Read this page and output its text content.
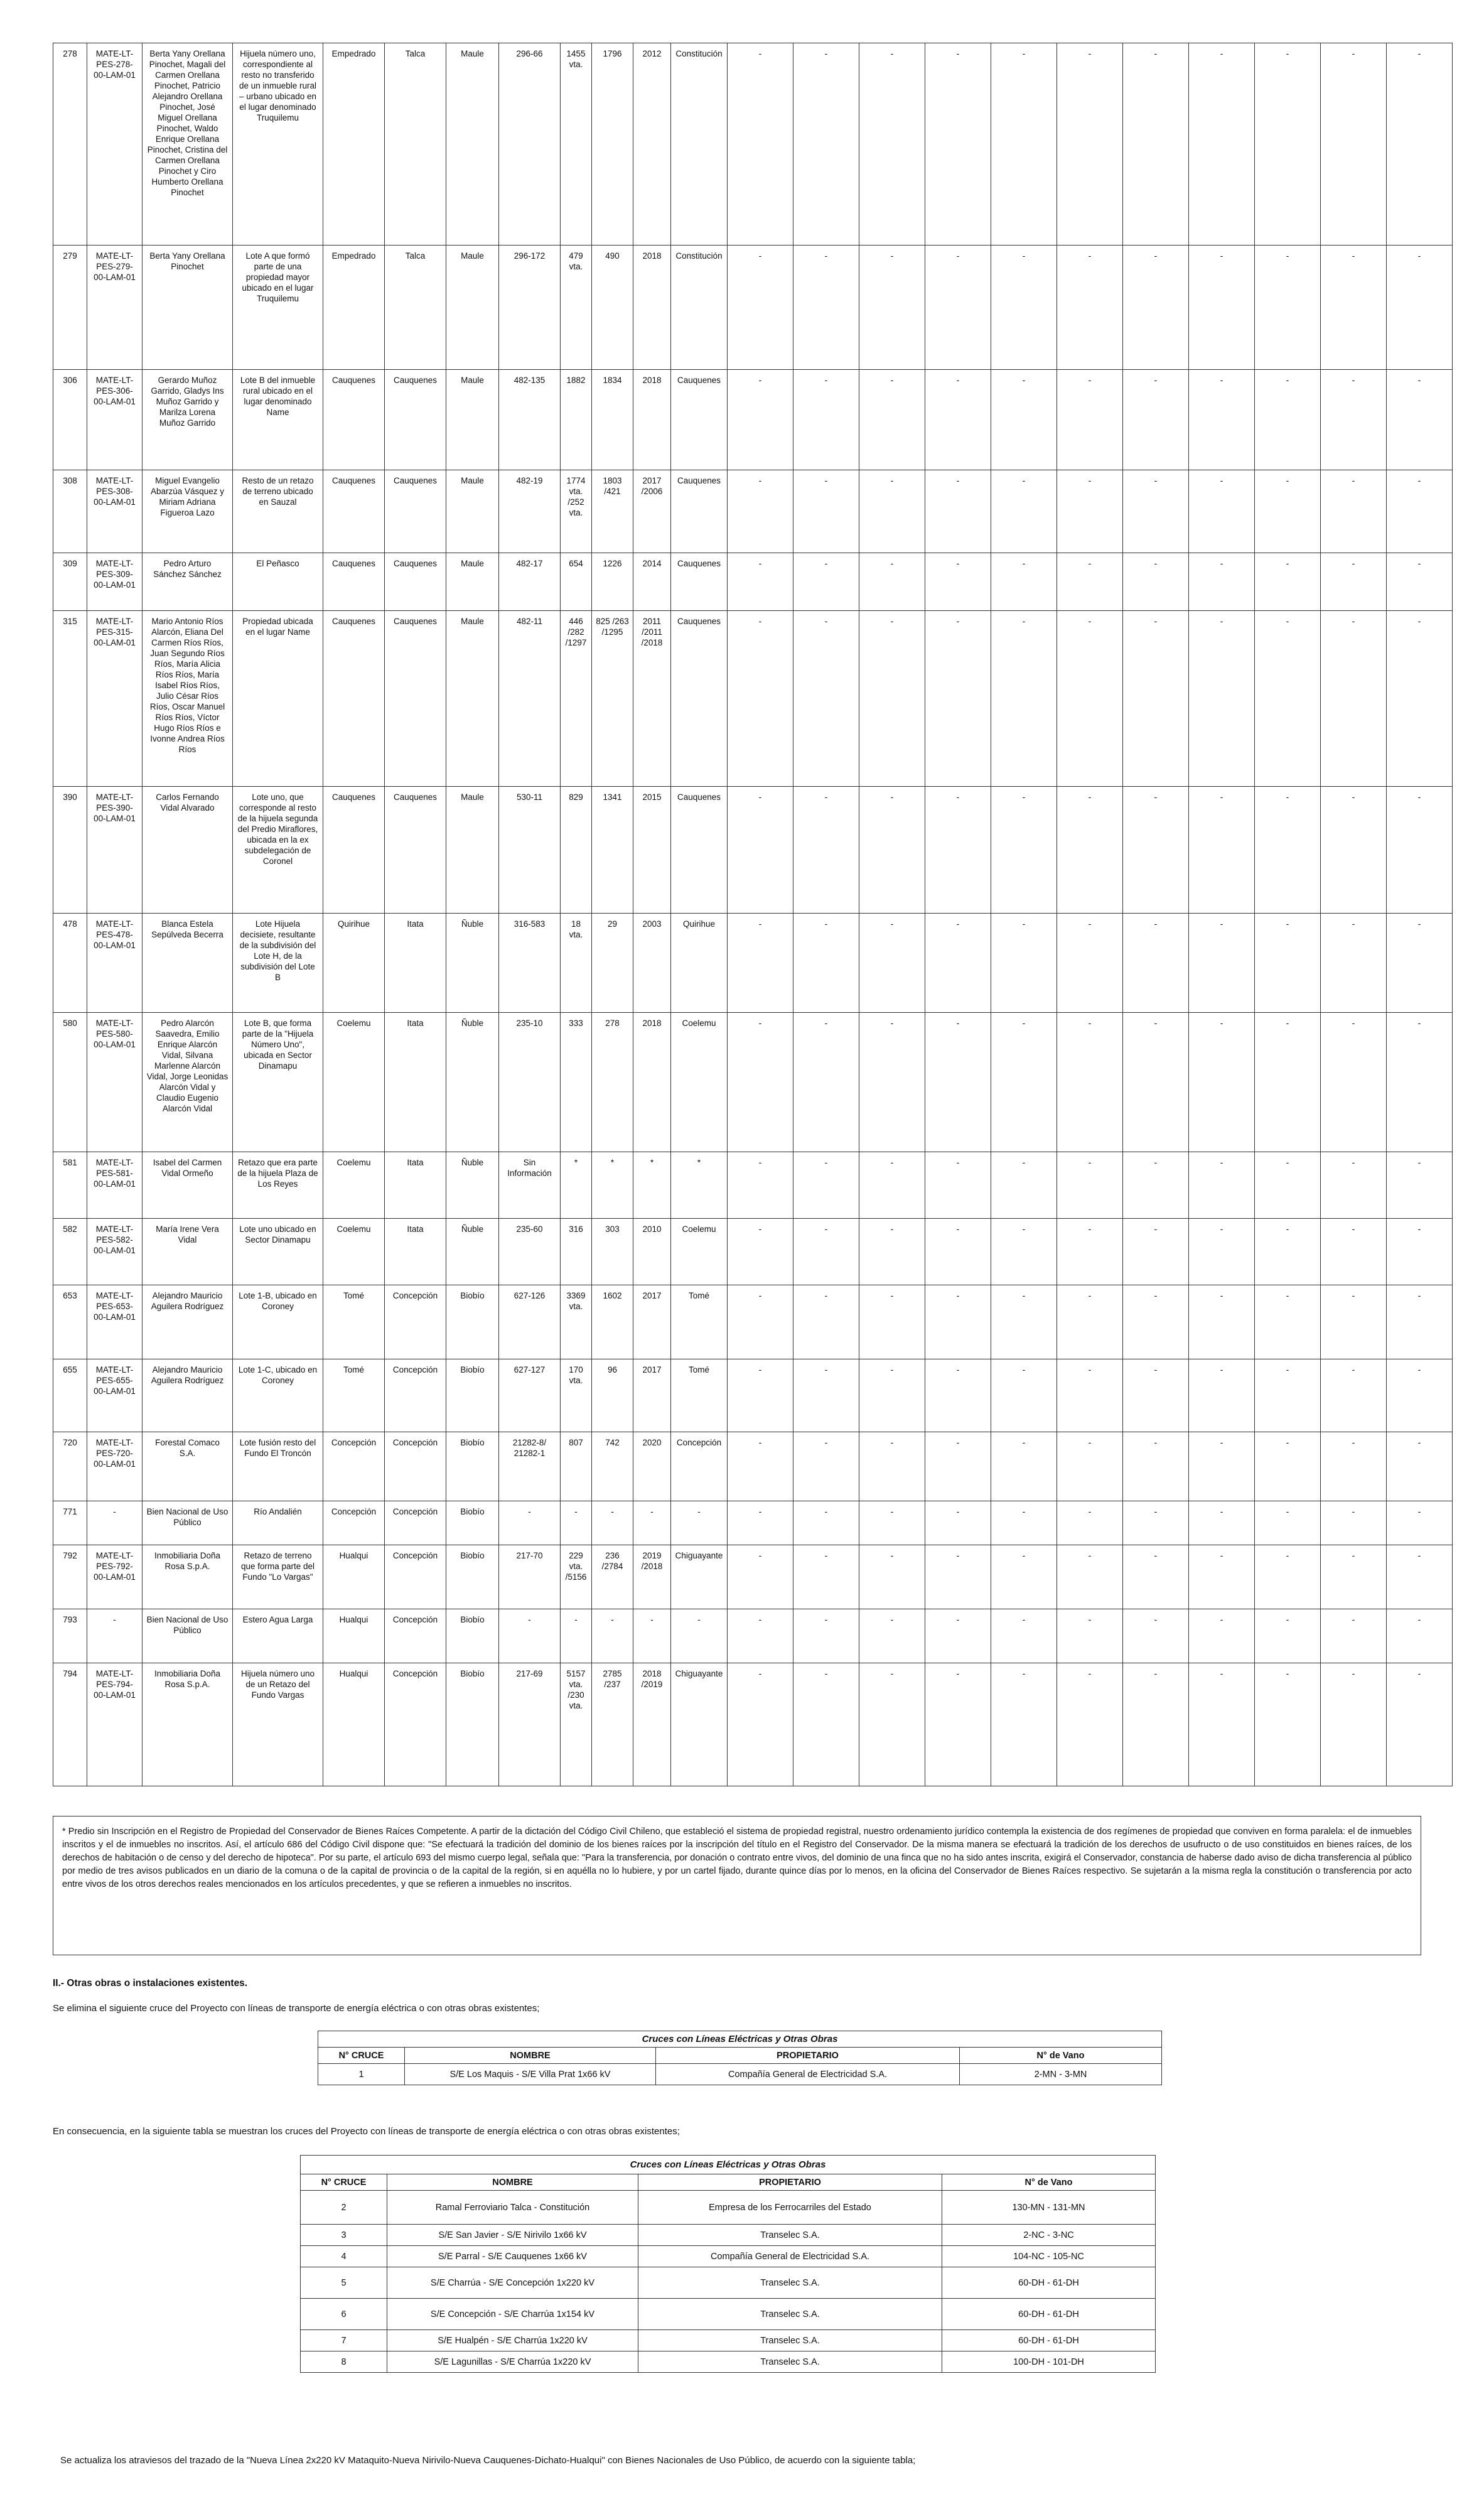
278	MATE-LT-PES-278-00-LAM-01	Berta Yany Orellana Pinochet, Magali del Carmen Orellana Pinochet, Patricio Alejandro Orellana Pinochet, José Miguel Orellana Pinochet, Waldo Enrique Orellana Pinochet, Cristina del Carmen Orellana Pinochet y Ciro Humberto Orellana Pinochet	Hijuela número uno, correspondiente al resto no transferido de un inmueble rural – urbano ubicado en el lugar denominado Truquilemu	Empedrado	Talca	Maule	296-66	1455 vta.	1796	2012	Constitución	-	-	-	-	-	-	-	-	-	-	-
279	MATE-LT-PES-279-00-LAM-01	Berta Yany Orellana Pinochet	Lote A que formó parte de una propiedad mayor ubicado en el lugar Truquilemu	Empedrado	Talca	Maule	296-172	479 vta.	490	2018	Constitución	-	-	-	-	-	-	-	-	-	-	-
306	MATE-LT-PES-306-00-LAM-01	Gerardo Muñoz Garrido, Gladys Ins Muñoz Garrido y Marilza Lorena Muñoz Garrido	Lote B del inmueble rural ubicado en el lugar denominado Name	Cauquenes	Cauquenes	Maule	482-135	1882	1834	2018	Cauquenes	-	-	-	-	-	-	-	-	-	-	-
308	MATE-LT-PES-308-00-LAM-01	Miguel Evangelio Abarzúa Vásquez y Miriam Adriana Figueroa Lazo	Resto de un retazo de terreno ubicado en Sauzal	Cauquenes	Cauquenes	Maule	482-19	1774 vta. /252 vta.	1803 /421	2017 /2006	Cauquenes	-	-	-	-	-	-	-	-	-	-	-
309	MATE-LT-PES-309-00-LAM-01	Pedro Arturo Sánchez Sánchez	El Peñasco	Cauquenes	Cauquenes	Maule	482-17	654	1226	2014	Cauquenes	-	-	-	-	-	-	-	-	-	-	-
315	MATE-LT-PES-315-00-LAM-01	Mario Antonio Ríos Alarcón, Eliana Del Carmen Ríos Ríos, Juan Segundo Ríos Ríos, María Alicia Ríos Ríos, María Isabel Ríos Ríos, Julio César Ríos Ríos, Oscar Manuel Ríos Ríos, Víctor Hugo Ríos Ríos e Ivonne Andrea Ríos Ríos	Propiedad ubicada en el lugar Name	Cauquenes	Cauquenes	Maule	482-11	446 /282 /1297	825 /263 /1295	2011 /2011 /2018	Cauquenes	-	-	-	-	-	-	-	-	-	-	-
390	MATE-LT-PES-390-00-LAM-01	Carlos Fernando Vidal Alvarado	Lote uno, que corresponde al resto de la hijuela segunda del Predio Miraflores, ubicada en la ex subdelegación de Coronel	Cauquenes	Cauquenes	Maule	530-11	829	1341	2015	Cauquenes	-	-	-	-	-	-	-	-	-	-	-
478	MATE-LT-PES-478-00-LAM-01	Blanca Estela Sepúlveda Becerra	Lote Hijuela decisiete, resultante de la subdivisión del Lote H, de la subdivisión del Lote B	Quirihue	Itata	Ñuble	316-583	18 vta.	29	2003	Quirihue	-	-	-	-	-	-	-	-	-	-	-
580	MATE-LT-PES-580-00-LAM-01	Pedro Alarcón Saavedra, Emilio Enrique Alarcón Vidal, Silvana Marlenne Alarcón Vidal, Jorge Leonidas Alarcón Vidal y Claudio Eugenio Alarcón Vidal	Lote B, que forma parte de la "Hijuela Número Uno", ubicada en Sector Dinamapu	Coelemu	Itata	Ñuble	235-10	333	278	2018	Coelemu	-	-	-	-	-	-	-	-	-	-	-
581	MATE-LT-PES-581-00-LAM-01	Isabel del Carmen Vidal Ormeño	Retazo que era parte de la hijuela Plaza de Los Reyes	Coelemu	Itata	Ñuble	Sin Información	*	*	*	*	-	-	-	-	-	-	-	-	-	-	-
582	MATE-LT-PES-582-00-LAM-01	María Irene Vera Vidal	Lote uno ubicado en Sector Dinamapu	Coelemu	Itata	Ñuble	235-60	316	303	2010	Coelemu	-	-	-	-	-	-	-	-	-	-	-
653	MATE-LT-PES-653-00-LAM-01	Alejandro Mauricio Aguilera Rodríguez	Lote 1-B, ubicado en Coroney	Tomé	Concepción	Biobío	627-126	3369 vta.	1602	2017	Tomé	-	-	-	-	-	-	-	-	-	-	-
655	MATE-LT-PES-655-00-LAM-01	Alejandro Mauricio Aguilera Rodríguez	Lote 1-C, ubicado en Coroney	Tomé	Concepción	Biobío	627-127	170 vta.	96	2017	Tomé	-	-	-	-	-	-	-	-	-	-	-
720	MATE-LT-PES-720-00-LAM-01	Forestal Comaco S.A.	Lote fusión resto del Fundo El Troncón	Concepción	Concepción	Biobío	21282-8/ 21282-1	807	742	2020	Concepción	-	-	-	-	-	-	-	-	-	-	-
771	-	Bien Nacional de Uso Público	Río Andalién	Concepción	Concepción	Biobío	-	-	-	-	-	-	-	-	-	-	-	-	-	-	-	-
792	MATE-LT-PES-792-00-LAM-01	Inmobiliaria Doña Rosa S.p.A.	Retazo de terreno que forma parte del Fundo "Lo Vargas"	Hualqui	Concepción	Biobío	217-70	229 vta. /5156	236 /2784	2019 /2018	Chiguayante	-	-	-	-	-	-	-	-	-	-	-
793	-	Bien Nacional de Uso Público	Estero Agua Larga	Hualqui	Concepción	Biobío	-	-	-	-	-	-	-	-	-	-	-	-	-	-	-	-
794	MATE-LT-PES-794-00-LAM-01	Inmobiliaria Doña Rosa S.p.A.	Hijuela número uno de un Retazo del Fundo Vargas	Hualqui	Concepción	Biobío	217-69	5157 vta. /230 vta.	2785 /237	2018 /2019	Chiguayante	-	-	-	-	-	-	-	-	-	-	-

* Predio sin Inscripción en el Registro de Propiedad del Conservador de Bienes Raíces Competente. A partir de la dictación del Código Civil Chileno, que estableció el sistema de propiedad registral, nuestro ordenamiento jurídico contempla la existencia de dos regímenes de propiedad que conviven en forma paralela: el de inmuebles inscritos y el de inmuebles no inscritos. Así, el artículo 686 del Código Civil dispone que: "Se efectuará la tradición del dominio de los bienes raíces por la inscripción del título en el Registro del Conservador. De la misma manera se efectuará la tradición de los derechos de usufructo o de uso constituidos en bienes raíces, de los derechos de habitación o de censo y del derecho de hipoteca". Por su parte, el artículo 693 del mismo cuerpo legal, señala que: "Para la transferencia, por donación o contrato entre vivos, del dominio de una finca que no ha sido antes inscrita, exigirá el Conservador, constancia de haberse dado aviso de dicha transferencia al público por medio de tres avisos publicados en un diario de la comuna o de la capital de provincia o de la capital de la región, si en aquélla no lo hubiere, y por un cartel fijado, durante quince días por lo menos, en la oficina del Conservador de Bienes Raíces respectivo. Se sujetarán a la misma regla la constitución o transferencia por acto entre vivos de los otros derechos reales mencionados en los artículos precedentes, y que se refieren a inmuebles no inscritos.

II.- Otras obras o instalaciones existentes.
Se elimina el siguiente cruce del Proyecto con líneas de transporte de energía eléctrica o con otras obras existentes;
Cruces con Líneas Eléctricas y Otras Obras			
N° CRUCE	NOMBRE	PROPIETARIO	N° de Vano
1	S/E Los Maquis - S/E Villa Prat 1x66 kV	Compañía General de Electricidad S.A.	2-MN - 3-MN
En consecuencia, en la siguiente tabla se muestran los cruces del Proyecto con líneas de transporte de energía eléctrica o con otras obras existentes;
Cruces con Líneas Eléctricas y Otras Obras			
N° CRUCE	NOMBRE	PROPIETARIO	N° de Vano
2	Ramal Ferroviario Talca - Constitución	Empresa de los Ferrocarriles del Estado	130-MN - 131-MN
3	S/E San Javier - S/E Nirivilo 1x66 kV	Transelec S.A.	2-NC - 3-NC
4	S/E Parral - S/E Cauquenes 1x66 kV	Compañía General de Electricidad S.A.	104-NC - 105-NC
5	S/E Charrúa - S/E Concepción 1x220 kV	Transelec S.A.	60-DH - 61-DH
6	S/E Concepción - S/E Charrúa 1x154 kV	Transelec S.A.	60-DH - 61-DH
7	S/E Hualpén - S/E Charrúa 1x220 kV	Transelec S.A.	60-DH - 61-DH
8	S/E Lagunillas - S/E Charrúa 1x220 kV	Transelec S.A.	100-DH - 101-DH
Se actualiza los atraviesos del trazado de la "Nueva Línea 2x220 kV Mataquito-Nueva Nirivilo-Nueva Cauquenes-Dichato-Hualqui" con Bienes Nacionales de Uso Público, de acuerdo con la siguiente tabla;
